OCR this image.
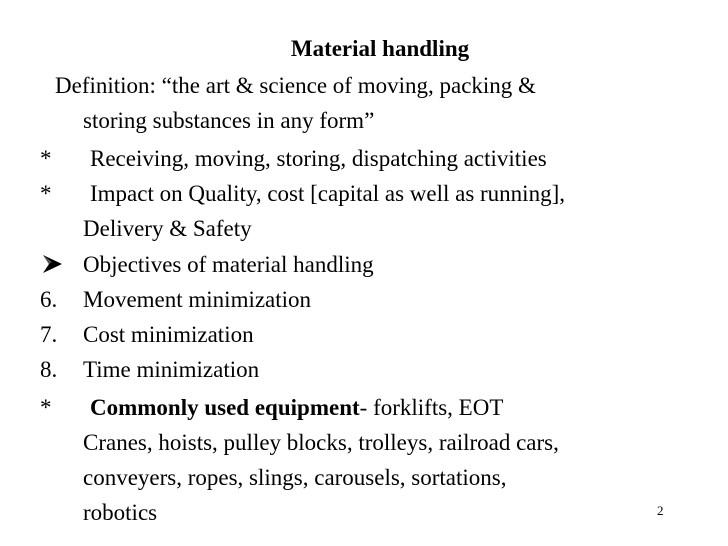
Material handling
Definition: “the art & science of moving, packing &
storing substances in any form”
* Receiving, moving, storing, dispatching activities
* Impact on Quality, cost [capital as well as running],
Delivery & Safety
Objectives of material handling
6. Movement minimization
7. Cost minimization
8. Time minimization
* Commonly used equipment- forklifts, EOT
Cranes, hoists, pulley blocks, trolleys, railroad cars,
conveyers, ropes, slings, carousels, sortations,
robotics	2
